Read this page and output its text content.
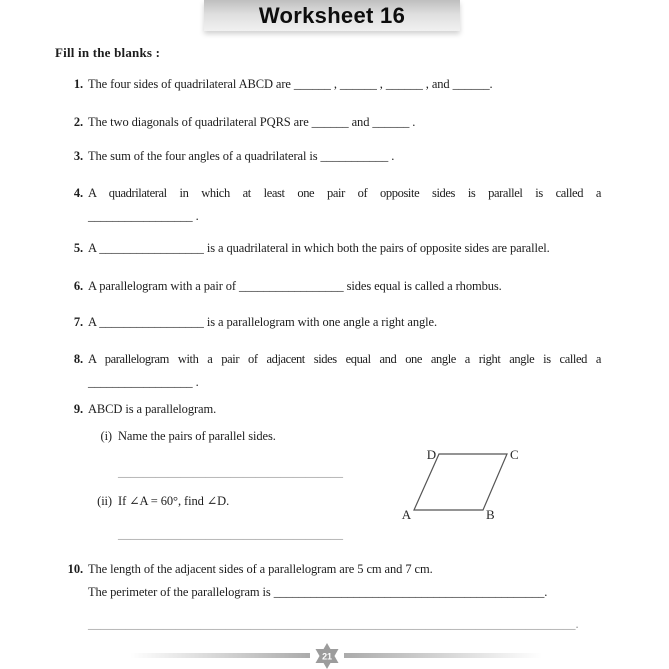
Worksheet 16
Fill in the blanks :
1. The four sides of quadrilateral ABCD are ______ , ______ , ______ , and ______.
2. The two diagonals of quadrilateral PQRS are ______ and ______ .
3. The sum of the four angles of a quadrilateral is ___________ .
4. A quadrilateral in which at least one pair of opposite sides is parallel is called a
_________________ .
5. A _________________ is a quadrilateral in which both the pairs of opposite sides are parallel.
6. A parallelogram with a pair of _________________ sides equal is called a rhombus.
7. A _________________ is a parallelogram with one angle a right angle.
8. A parallelogram with a pair of adjacent sides equal and one angle a right angle is called a
_________________ .
9. ABCD is a parallelogram.
(i) Name the pairs of parallel sides.
____________________________________
(ii) If ∠A = 60°, find ∠D.
____________________________________
10. The length of the adjacent sides of a parallelogram are 5 cm and 7 cm.
The perimeter of the parallelogram is ____________________________________________.
______________________________________________________________________________.
D	C
A	B
21
